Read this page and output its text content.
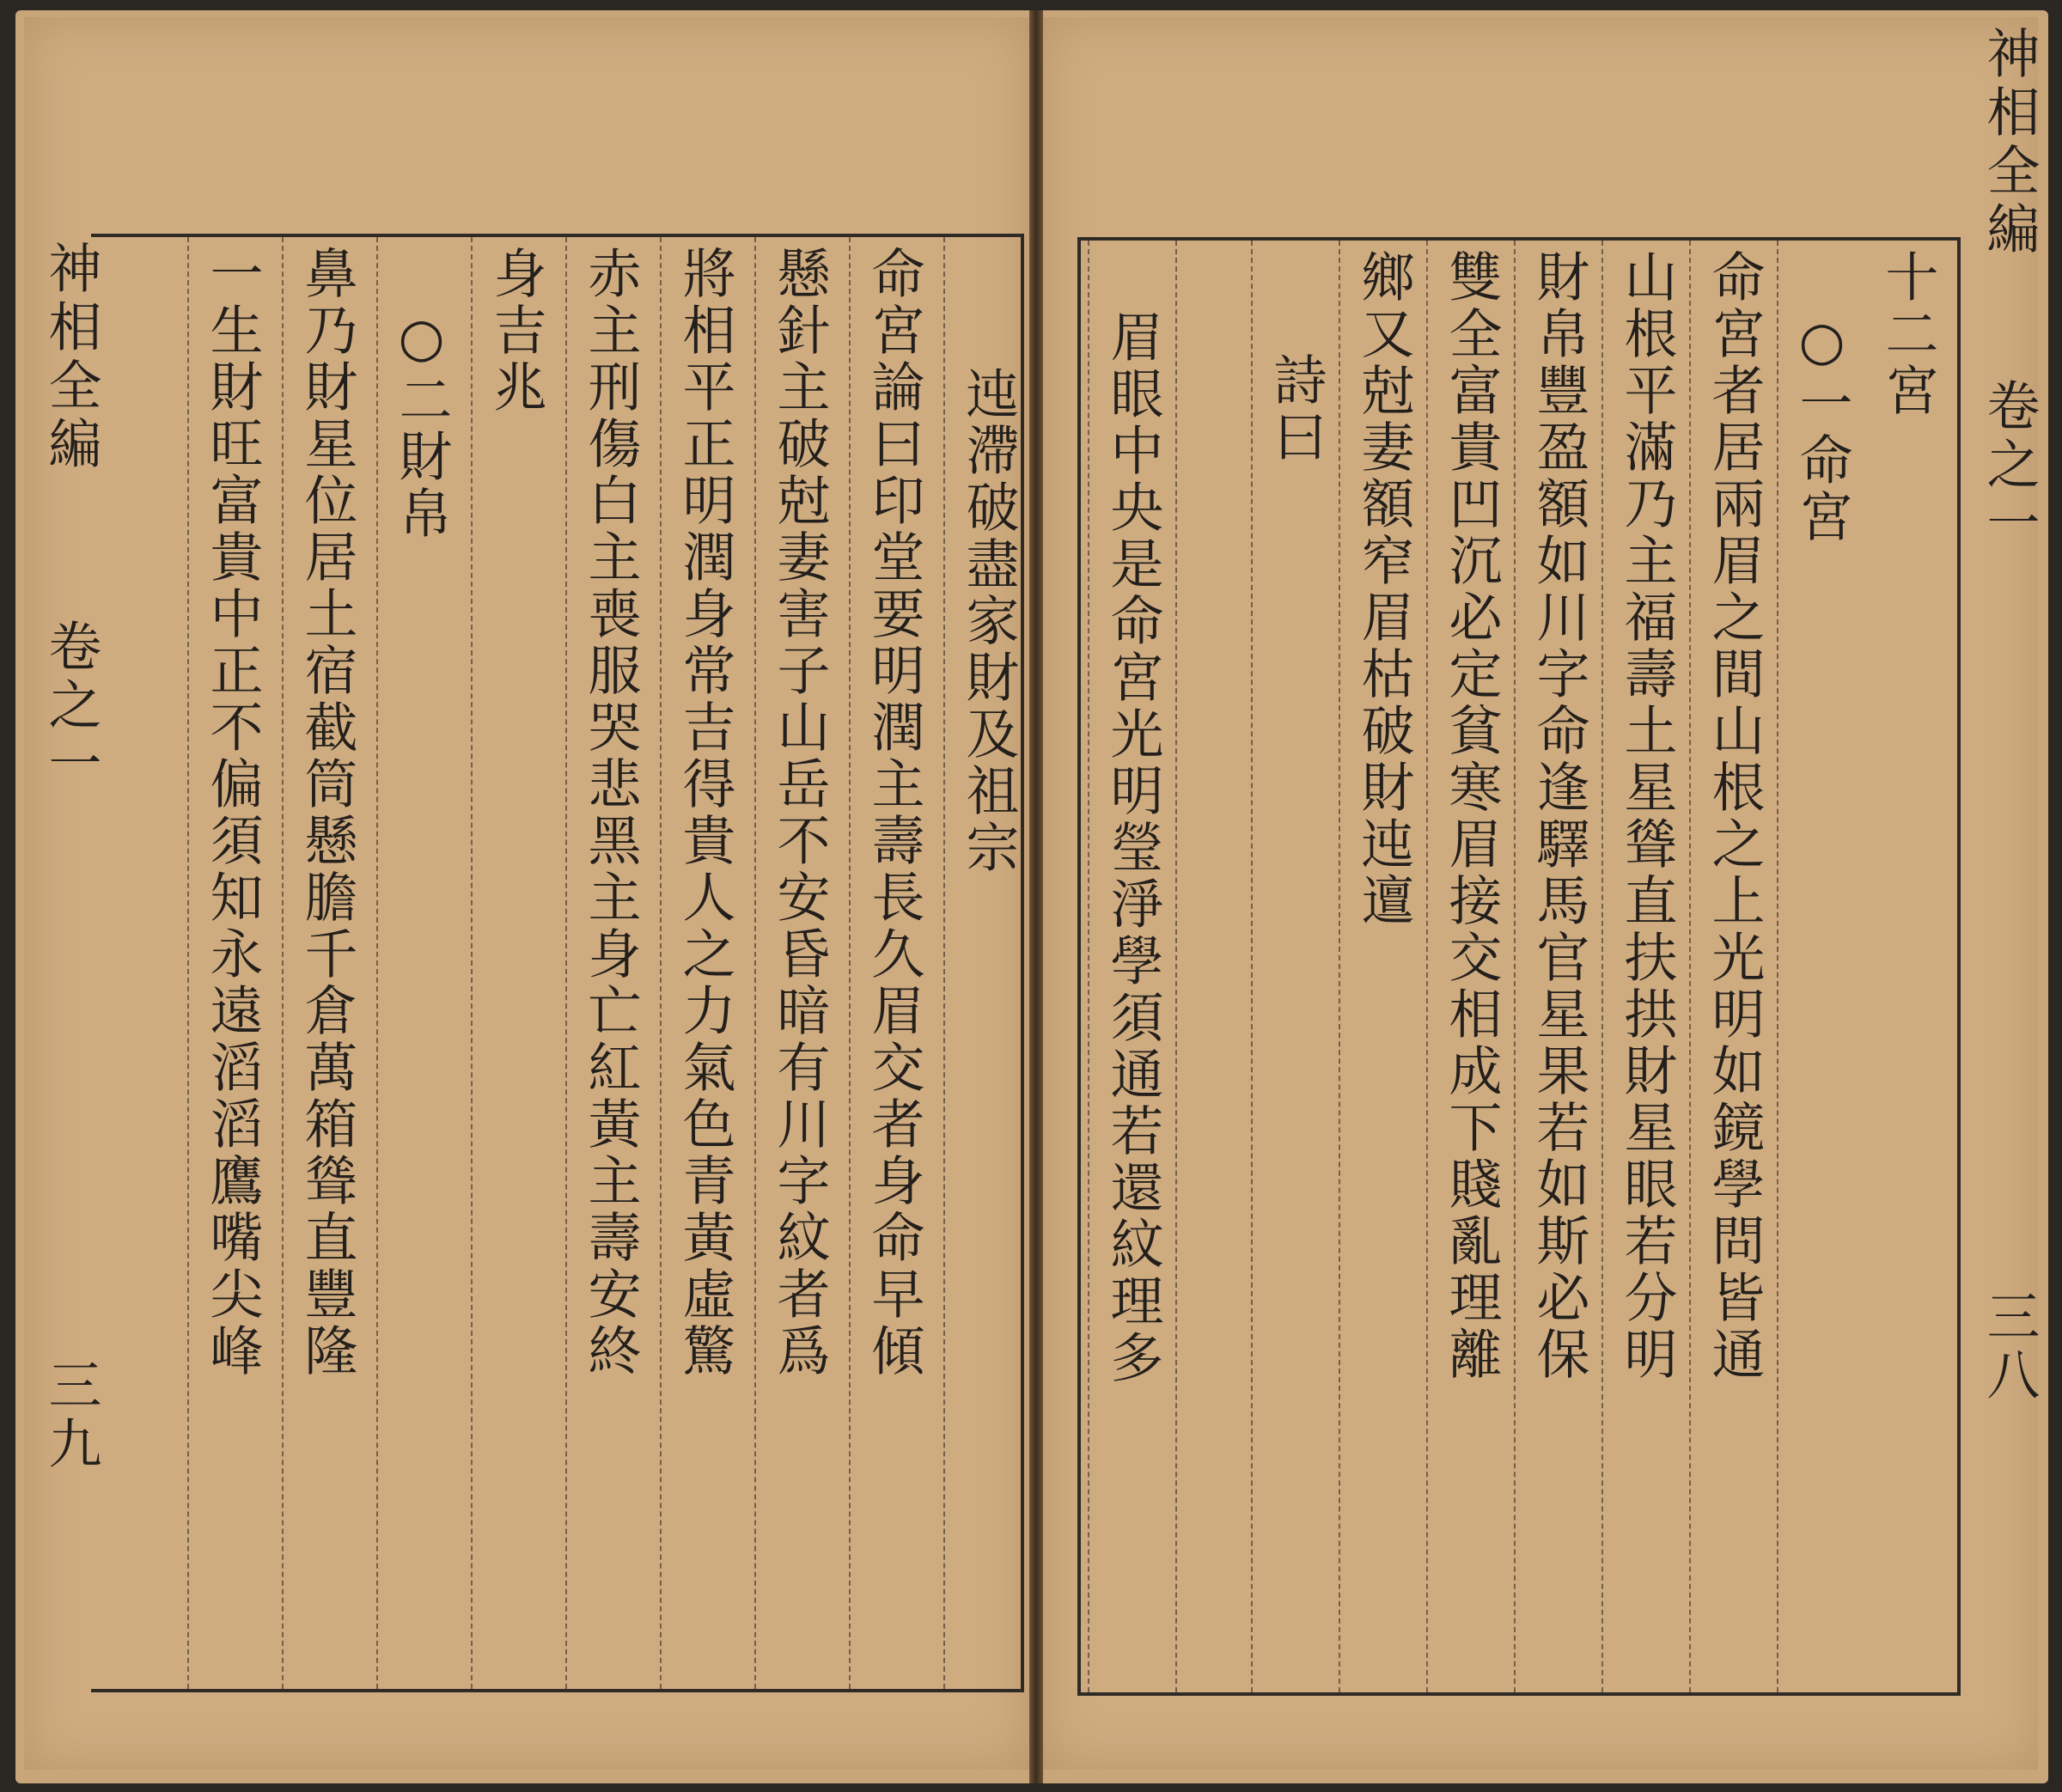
神相全編
卷之一
三九
迍滯破盡家財及祖宗
命宮論曰印堂要明潤主壽長久眉交者身命早傾
懸針主破尅妻害子山岳不安昏暗有川字紋者爲
將相平正明潤身常吉得貴人之力氣色青黃虛驚
赤主刑傷白主喪服哭悲黑主身亡紅黃主壽安終
身吉兆
○二財帛
鼻乃財星位居土宿截筒懸膽千倉萬箱聳直豐隆
一生財旺富貴中正不偏須知永遠滔滔鷹嘴尖峰
神相全編
卷之一
三八
十二宮
○一命宮
命宮者居兩眉之間山根之上光明如鏡學問皆通
山根平滿乃主福壽土星聳直扶拱財星眼若分明
財帛豐盈額如川字命逢驛馬官星果若如斯必保
雙全富貴凹沉必定貧寒眉接交相成下賤亂理離
鄉又尅妻額窄眉枯破財迍邅
詩曰
眉眼中央是命宮光明瑩淨學須通若還紋理多
